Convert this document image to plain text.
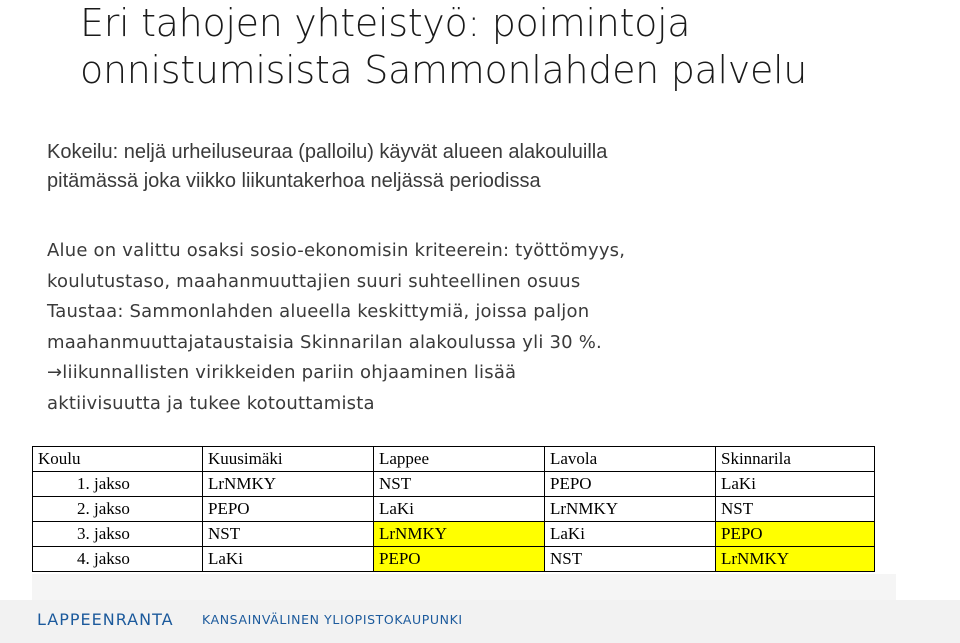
Eri tahojen yhteistyö: poimintoja
onnistumisista Sammonlahden palvelu

Kokeilu: neljä urheiluseuraa (palloilu) käyvät alueen alakouluilla
pitämässä joka viikko liikuntakerhoa neljässä periodissa

Alue on valittu osaksi sosio-ekonomisin kriteerein: työttömyys,
koulutustaso, maahanmuuttajien suuri suhteellinen osuus
Taustaa: Sammonlahden alueella keskittymiä, joissa paljon
maahanmuuttajataustaisia Skinnarilan alakoulussa yli 30 %.
→liikunnallisten virikkeiden pariin ohjaaminen lisää
aktiivisuutta ja tukee kotouttamista

Koulu	Kuusimäki	Lappee	Lavola	Skinnarila
1. jakso	LrNMKY	NST	PEPO	LaKi
2. jakso	PEPO	LaKi	LrNMKY	NST
3. jakso	NST	LrNMKY	LaKi	PEPO
4. jakso	LaKi	PEPO	NST	LrNMKY
LAPPEENRANTA KANSAINVÄLINEN YLIOPISTOKAUPUNKI
